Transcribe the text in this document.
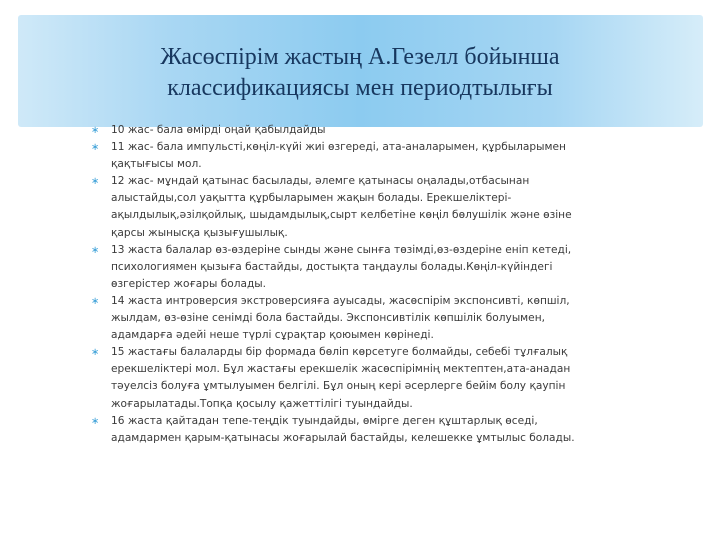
Жасөспірім жастың А.Гезелл бойынша
классификациясы мен периодтылығы
∗ 10 жас- бала өмірді оңай қабылдайды
∗ 11 жас- бала импульсті,көңіл-күйі жиі өзгереді, ата-аналарымен, құрбыларымен
қақтығысы мол.
∗ 12 жас- мұндай қатынас басылады, әлемге қатынасы оңалады,отбасынан
алыстайды,сол уақытта құрбыларымен жақын болады. Ерекшеліктері-
ақылдылық,әзілқойлық, шыдамдылық,сырт келбетіне көңіл бөлушілік және өзіне
қарсы жынысқа қызығушылық.
∗ 13 жаста балалар өз-өздеріне сынды және сынға төзімді,өз-өздеріне еніп кетеді,
психологиямен қызыға бастайды, достықта таңдаулы болады.Көңіл-күйіндегі
өзгерістер жоғары болады.
∗ 14 жаста интроверсия экстроверсияға ауысады, жасөспірім экспонсивті, көпшіл,
жылдам, өз-өзіне сенімді бола бастайды. Экспонсивтілік көпшілік болуымен,
адамдарға әдейі неше түрлі сұрақтар қоюымен көрінеді.
∗ 15 жастағы балаларды бір формада бөліп көрсетуге болмайды, себебі тұлғалық
ерекшеліктері мол. Бұл жастағы ерекшелік жасөспірімнің мектептен,ата-анадан
тәуелсіз болуға ұмтылуымен белгілі. Бұл оның кері әсерлерге бейім болу қаупін
жоғарылатады.Топқа қосылу қажеттілігі туындайды.
∗ 16 жаста қайтадан тепе-теңдік туындайды, өмірге деген құштарлық өседі,
адамдармен қарым-қатынасы жоғарылай бастайды, келешекке ұмтылыс болады.
